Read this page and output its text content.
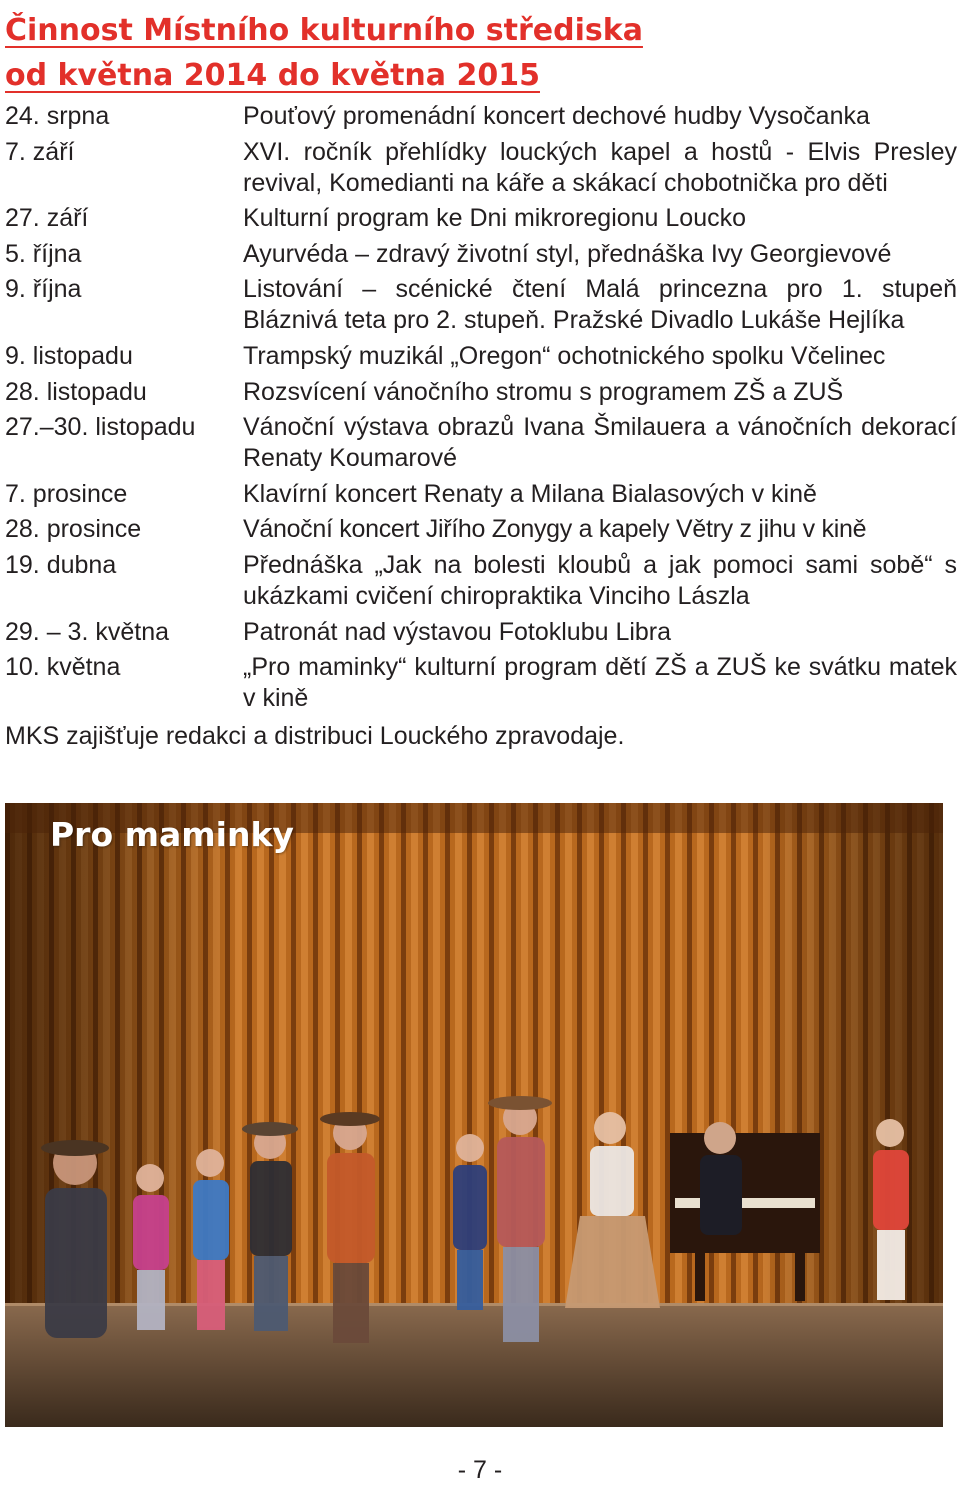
Činnost Místního kulturního střediska
od května 2014 do května 2015
24. srpna	Pouťový promenádní koncert dechové hudby Vysočanka
7. září	XVI. ročník přehlídky louckých kapel a hostů - Elvis Presley revival, Komedianti na káře a skákací chobotnička pro děti
27. září	Kulturní program ke Dni mikroregionu Loucko
5. října	Ayurvéda – zdravý životní styl, přednáška Ivy Georgievové
9. října	Listování – scénické čtení Malá princezna pro 1. stupeň Bláznivá teta pro 2. stupeň. Pražské Divadlo Lukáše Hejlíka
9. listopadu	Trampský muzikál „Oregon“ ochotnického spolku Včelinec
28. listopadu	Rozsvícení vánočního stromu s programem ZŠ a ZUŠ
27.–30. listopadu	Vánoční výstava obrazů Ivana Šmilauera a vánočních dekorací Renaty Koumarové
7. prosince	Klavírní koncert Renaty a Milana Bialasových v kině
28. prosince	Vánoční koncert Jiřího Zonygy a kapely Větry z jihu v kině
19. dubna	Přednáška „Jak na bolesti kloubů a jak pomoci sami sobě“ s ukázkami cvičení chiropraktika Vinciho Lászla
29. – 3. května	Patronát nad výstavou Fotoklubu Libra
10. května	„Pro maminky“ kulturní program dětí ZŠ a ZUŠ ke svátku matek v kině
MKS zajišťuje redakci a distribuci Louckého zpravodaje.
Pro maminky
- 7 -
